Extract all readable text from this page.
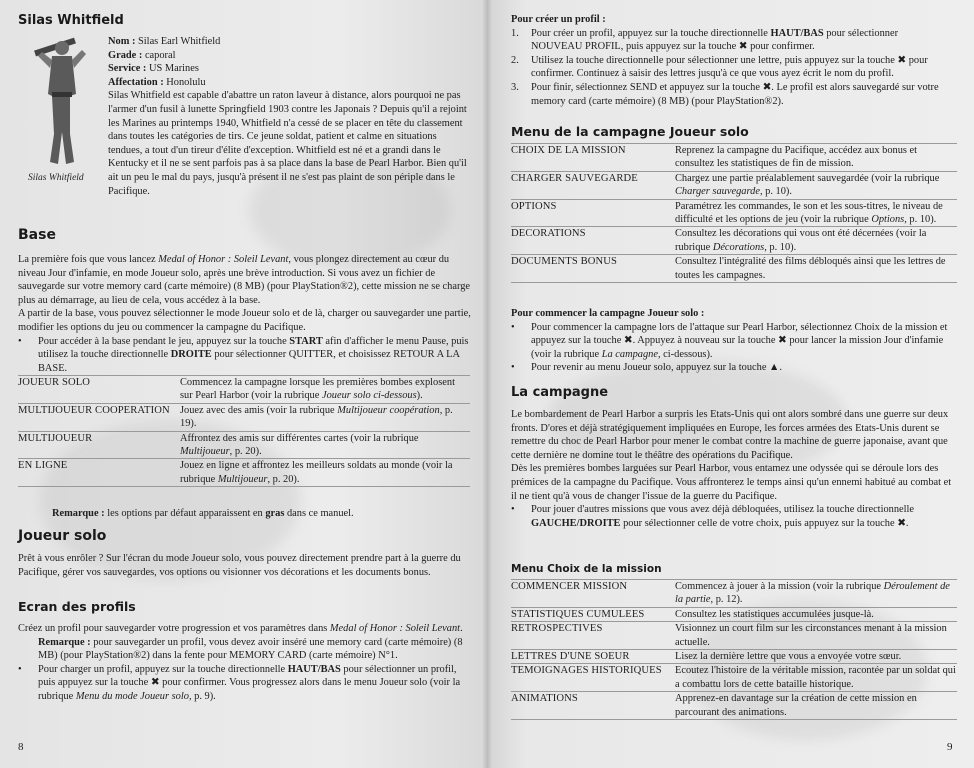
Silas Whitfield
Silas Whitfield

Nom : Silas Earl Whitfield

Grade : caporal

Service : US Marines

Affectation : Honolulu

Silas Whitfield est capable d'abattre un raton laveur à distance, alors pourquoi ne pas l'armer d'un fusil à lunette Springfield 1903 contre les Japonais ? Depuis qu'il a rejoint les Marines au printemps 1940, Whitfield n'a cessé de se placer en tête du classement dans toutes les catégories de tirs. Ce jeune soldat, patient et calme en situations tendues, a tout d'un tireur d'élite d'exception. Whitfield est né et a grandi dans le Kentucky et il ne se sent parfois pas à sa place dans la base de Pearl Harbor. Bien qu'il ait un peu le mal du pays, jusqu'à présent il ne s'est pas plaint de son périple dans le Pacifique.

Base

La première fois que vous lancez Medal of Honor : Soleil Levant, vous plongez directement au cœur du niveau Jour d'infamie, en mode Joueur solo, après une brève introduction. Si vous avez un fichier de sauvegarde sur votre memory card (carte mémoire) (8 MB) (pour PlayStation®2), cette mission ne se charge plus au démarrage, au lieu de cela, vous accédez à la base.

A partir de la base, vous pouvez sélectionner le mode Joueur solo et de là, charger ou sauvegarder une partie, modifier les options du jeu ou commencer la campagne du Pacifique.

• Pour accéder à la base pendant le jeu, appuyez sur la touche START afin d'afficher le menu Pause, puis utilisez la touche directionnelle DROITE pour sélectionner QUITTER, et choisissez RETOUR A LA BASE.

JOUEUR SOLO	Commencez la campagne lorsque les premières bombes explosent sur Pearl Harbor (voir la rubrique Joueur solo ci-dessous).
MULTIJOUEUR COOPERATION	Jouez avec des amis (voir la rubrique Multijoueur coopération, p. 19).
MULTIJOUEUR	Affrontez des amis sur différentes cartes (voir la rubrique Multijoueur, p. 20).
EN LIGNE	Jouez en ligne et affrontez les meilleurs soldats au monde (voir la rubrique Multijoueur, p. 20).
Remarque : les options par défaut apparaissent en gras dans ce manuel.
Joueur solo
Prêt à vous enrôler ? Sur l'écran du mode Joueur solo, vous pouvez directement prendre part à la guerre du Pacifique, gérer vos sauvegardes, vos options ou visionner vos décorations et les documents bonus.
Ecran des profils

Créez un profil pour sauvegarder votre progression et vos paramètres dans Medal of Honor : Soleil Levant.

Remarque : pour sauvegarder un profil, vous devez avoir inséré une memory card (carte mémoire) (8 MB) (pour PlayStation®2) dans la fente pour MEMORY CARD (carte mémoire) N°1.

• Pour charger un profil, appuyez sur la touche directionnelle HAUT/BAS pour sélectionner un profil, puis appuyez sur la touche ✖ pour confirmer. Vous progressez alors dans le menu Joueur solo (voir la rubrique Menu du mode Joueur solo, p. 9).

8

Pour créer un profil :

1. Pour créer un profil, appuyez sur la touche directionnelle HAUT/BAS pour sélectionner NOUVEAU PROFIL, puis appuyez sur la touche ✖ pour confirmer.

2. Utilisez la touche directionnelle pour sélectionner une lettre, puis appuyez sur la touche ✖ pour confirmer. Continuez à saisir des lettres jusqu'à ce que vous ayez écrit le nom du profil.

3. Pour finir, sélectionnez SEND et appuyez sur la touche ✖. Le profil est alors sauvegardé sur votre memory card (carte mémoire) (8 MB) (pour PlayStation®2).

Menu de la campagne Joueur solo
CHOIX DE LA MISSION	Reprenez la campagne du Pacifique, accédez aux bonus et consultez les statistiques de fin de mission.
CHARGER SAUVEGARDE	Chargez une partie préalablement sauvegardée (voir la rubrique Charger sauvegarde, p. 10).
OPTIONS	Paramétrez les commandes, le son et les sous-titres, le niveau de difficulté et les options de jeu (voir la rubrique Options, p. 10).
DECORATIONS	Consultez les décorations qui vous ont été décernées (voir la rubrique Décorations, p. 10).
DOCUMENTS BONUS	Consultez l'intégralité des films débloqués ainsi que les lettres de toutes les campagnes.

Pour commencer la campagne Joueur solo :

• Pour commencer la campagne lors de l'attaque sur Pearl Harbor, sélectionnez Choix de la mission et appuyez sur la touche ✖. Appuyez à nouveau sur la touche ✖ pour lancer la mission Jour d'infamie (voir la rubrique La campagne, ci-dessous).

• Pour revenir au menu Joueur solo, appuyez sur la touche ▲.

La campagne

Le bombardement de Pearl Harbor a surpris les Etats-Unis qui ont alors sombré dans une guerre sur deux fronts. D'ores et déjà stratégiquement impliquées en Europe, les forces armées des Etats-Unis durent se remettre du choc de Pearl Harbor pour mener le combat contre la machine de guerre japonaise, avant que cette dernière ne domine tout le théâtre des opérations du Pacifique.

Dès les premières bombes larguées sur Pearl Harbor, vous entamez une odyssée qui se déroule lors des prémices de la campagne du Pacifique. Vous affronterez le temps ainsi qu'un ennemi habitué au combat et il ne tient qu'à vous de changer l'issue de la guerre du Pacifique.

• Pour jouer d'autres missions que vous avez déjà débloquées, utilisez la touche directionnelle GAUCHE/DROITE pour sélectionner celle de votre choix, puis appuyez sur la touche ✖.

Menu Choix de la mission
COMMENCER MISSION	Commencez à jouer à la mission (voir la rubrique Déroulement de la partie, p. 12).
STATISTIQUES CUMULEES	Consultez les statistiques accumulées jusque-là.
RETROSPECTIVES	Visionnez un court film sur les circonstances menant à la mission actuelle.
LETTRES D'UNE SOEUR	Lisez la dernière lettre que vous a envoyée votre sœur.
TEMOIGNAGES HISTORIQUES	Ecoutez l'histoire de la véritable mission, racontée par un soldat qui a combattu lors de cette bataille historique.
ANIMATIONS	Apprenez-en davantage sur la création de cette mission en parcourant des animations.
9
